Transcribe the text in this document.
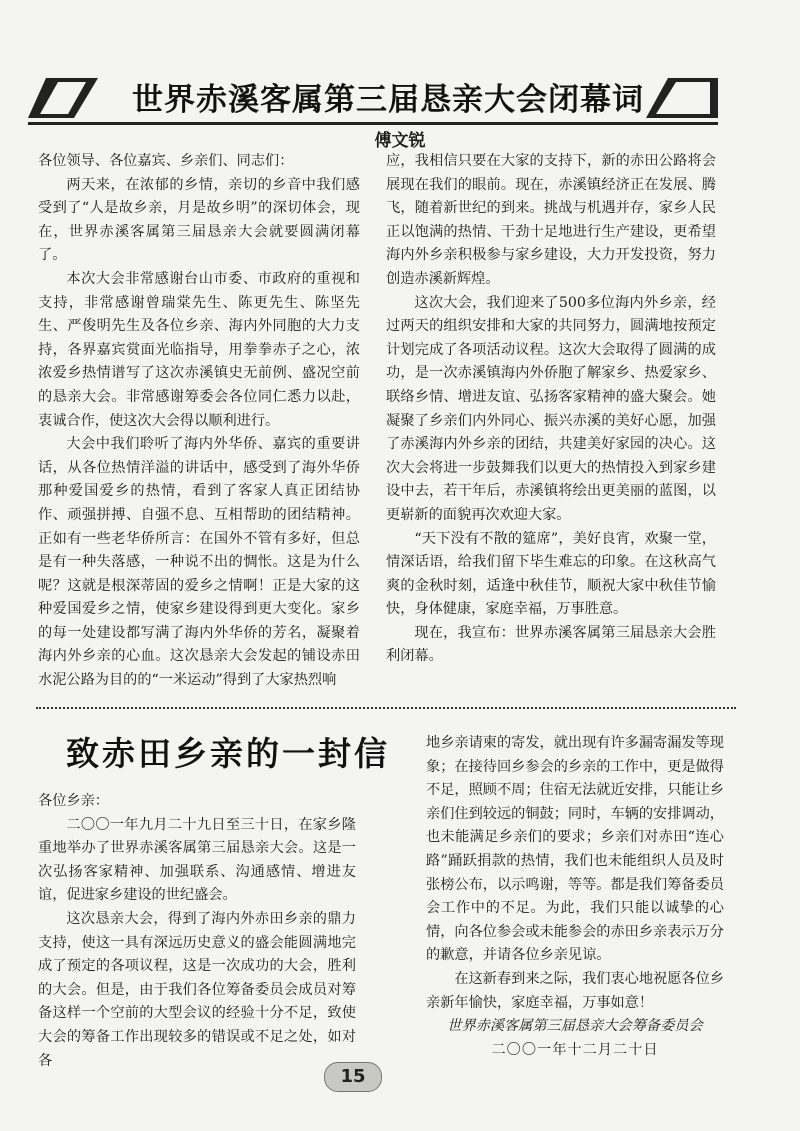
世界赤溪客属第三届恳亲大会闭幕词
傅文锐

各位领导、各位嘉宾、乡亲们、同志们：

两天来，在浓郁的乡情，亲切的乡音中我们感受到了“人是故乡亲，月是故乡明”的深切体会，现在，世界赤溪客属第三届恳亲大会就要圆满闭幕了。

本次大会非常感谢台山市委、市政府的重视和支持，非常感谢曾瑞棠先生、陈更先生、陈坚先生、严俊明先生及各位乡亲、海内外同胞的大力支持，各界嘉宾赏面光临指导，用拳拳赤子之心，浓浓爱乡热情谱写了这次赤溪镇史无前例、盛况空前的恳亲大会。非常感谢筹委会各位同仁悉力以赴，衷诚合作，使这次大会得以顺利进行。

大会中我们聆听了海内外华侨、嘉宾的重要讲话，从各位热情洋溢的讲话中，感受到了海外华侨那种爱国爱乡的热情，看到了客家人真正团结协作、顽强拼搏、自强不息、互相帮助的团结精神。正如有一些老华侨所言：在国外不管有多好，但总是有一种失落感，一种说不出的惆怅。这是为什么呢？这就是根深蒂固的爱乡之情啊！正是大家的这种爱国爱乡之情，使家乡建设得到更大变化。家乡的每一处建设都写满了海内外华侨的芳名，凝聚着海内外乡亲的心血。这次恳亲大会发起的铺设赤田水泥公路为目的的“一米运动”得到了大家热烈响

应，我相信只要在大家的支持下，新的赤田公路将会展现在我们的眼前。现在，赤溪镇经济正在发展、腾飞，随着新世纪的到来。挑战与机遇并存，家乡人民正以饱满的热情、干劲十足地进行生产建设，更希望海内外乡亲积极参与家乡建设，大力开发投资，努力创造赤溪新辉煌。

这次大会，我们迎来了500多位海内外乡亲，经过两天的组织安排和大家的共同努力，圆满地按预定计划完成了各项活动议程。这次大会取得了圆满的成功，是一次赤溪镇海内外侨胞了解家乡、热爱家乡、联络乡情、增进友谊、弘扬客家精神的盛大聚会。她凝聚了乡亲们内外同心、振兴赤溪的美好心愿，加强了赤溪海内外乡亲的团结，共建美好家园的决心。这次大会将进一步鼓舞我们以更大的热情投入到家乡建设中去，若干年后，赤溪镇将绘出更美丽的蓝图，以更崭新的面貌再次欢迎大家。

“天下没有不散的筵席”，美好良宵，欢聚一堂，情深话语，给我们留下毕生难忘的印象。在这秋高气爽的金秋时刻，适逢中秋佳节，顺祝大家中秋佳节愉快，身体健康，家庭幸福，万事胜意。

现在，我宣布：世界赤溪客属第三届恳亲大会胜利闭幕。

致赤田乡亲的一封信

各位乡亲：

二〇〇一年九月二十九日至三十日，在家乡隆重地举办了世界赤溪客属第三届恳亲大会。这是一次弘扬客家精神、加强联系、沟通感情、增进友谊，促进家乡建设的世纪盛会。

这次恳亲大会，得到了海内外赤田乡亲的鼎力支持，使这一具有深远历史意义的盛会能圆满地完成了预定的各项议程，这是一次成功的大会，胜利的大会。但是，由于我们各位筹备委员会成员对筹备这样一个空前的大型会议的经验十分不足，致使大会的筹备工作出现较多的错误或不足之处，如对各

地乡亲请柬的寄发，就出现有许多漏寄漏发等现象；在接待回乡参会的乡亲的工作中，更是做得不足，照顾不周；住宿无法就近安排，只能让乡亲们住到较远的铜鼓；同时，车辆的安排调动，也未能满足乡亲们的要求；乡亲们对赤田“连心路”踊跃捐款的热情，我们也未能组织人员及时张榜公布，以示鸣谢，等等。都是我们筹备委员会工作中的不足。为此，我们只能以诚挚的心情，向各位参会或未能参会的赤田乡亲表示万分的歉意，并请各位乡亲见谅。

在这新春到来之际，我们衷心地祝愿各位乡亲新年愉快，家庭幸福，万事如意！

世界赤溪客属第三届恳亲大会筹备委员会

二〇〇一年十二月二十日

15
